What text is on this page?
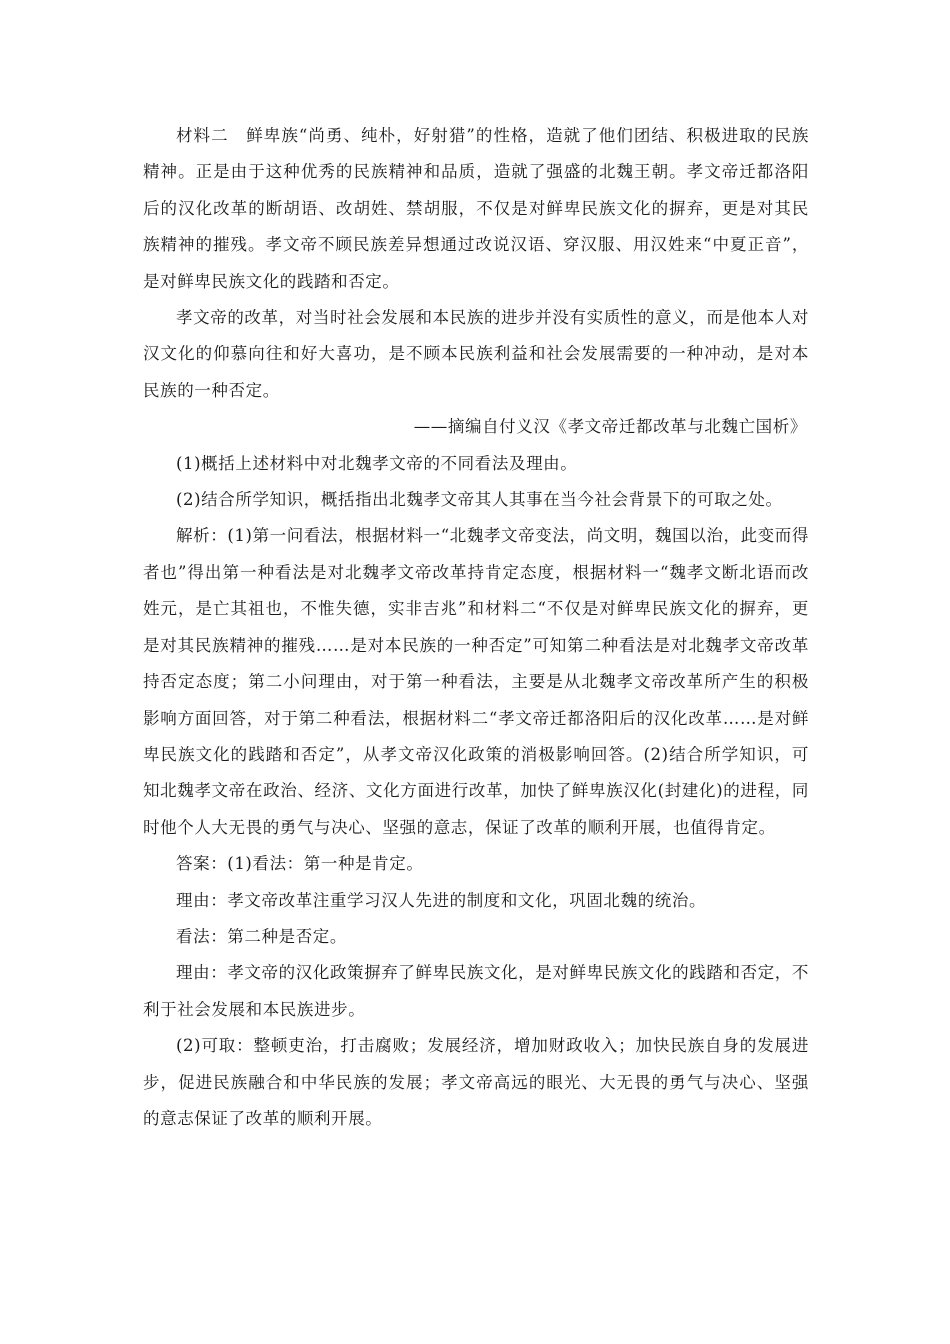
材料二　鲜卑族“尚勇、纯朴，好射猎”的性格，造就了他们团结、积极进取的民族精神。正是由于这种优秀的民族精神和品质，造就了强盛的北魏王朝。孝文帝迁都洛阳后的汉化改革的断胡语、改胡姓、禁胡服，不仅是对鲜卑民族文化的摒弃，更是对其民族精神的摧残。孝文帝不顾民族差异想通过改说汉语、穿汉服、用汉姓来“中夏正音”，是对鲜卑民族文化的践踏和否定。

孝文帝的改革，对当时社会发展和本民族的进步并没有实质性的意义，而是他本人对汉文化的仰慕向往和好大喜功，是不顾本民族利益和社会发展需要的一种冲动，是对本民族的一种否定。

——摘编自付义汉《孝文帝迁都改革与北魏亡国析》

(1)概括上述材料中对北魏孝文帝的不同看法及理由。

(2)结合所学知识，概括指出北魏孝文帝其人其事在当今社会背景下的可取之处。

解析：(1)第一问看法，根据材料一“北魏孝文帝变法，尚文明，魏国以治，此变而得者也”得出第一种看法是对北魏孝文帝改革持肯定态度，根据材料一“魏孝文断北语而改姓元，是亡其祖也，不惟失德，实非吉兆”和材料二“不仅是对鲜卑民族文化的摒弃，更是对其民族精神的摧残……是对本民族的一种否定”可知第二种看法是对北魏孝文帝改革持否定态度；第二小问理由，对于第一种看法，主要是从北魏孝文帝改革所产生的积极影响方面回答，对于第二种看法，根据材料二“孝文帝迁都洛阳后的汉化改革……是对鲜卑民族文化的践踏和否定”，从孝文帝汉化政策的消极影响回答。(2)结合所学知识，可知北魏孝文帝在政治、经济、文化方面进行改革，加快了鲜卑族汉化(封建化)的进程，同时他个人大无畏的勇气与决心、坚强的意志，保证了改革的顺利开展，也值得肯定。

答案：(1)看法：第一种是肯定。

理由：孝文帝改革注重学习汉人先进的制度和文化，巩固北魏的统治。

看法：第二种是否定。

理由：孝文帝的汉化政策摒弃了鲜卑民族文化，是对鲜卑民族文化的践踏和否定，不利于社会发展和本民族进步。

(2)可取：整顿吏治，打击腐败；发展经济，增加财政收入；加快民族自身的发展进步，促进民族融合和中华民族的发展；孝文帝高远的眼光、大无畏的勇气与决心、坚强的意志保证了改革的顺利开展。
